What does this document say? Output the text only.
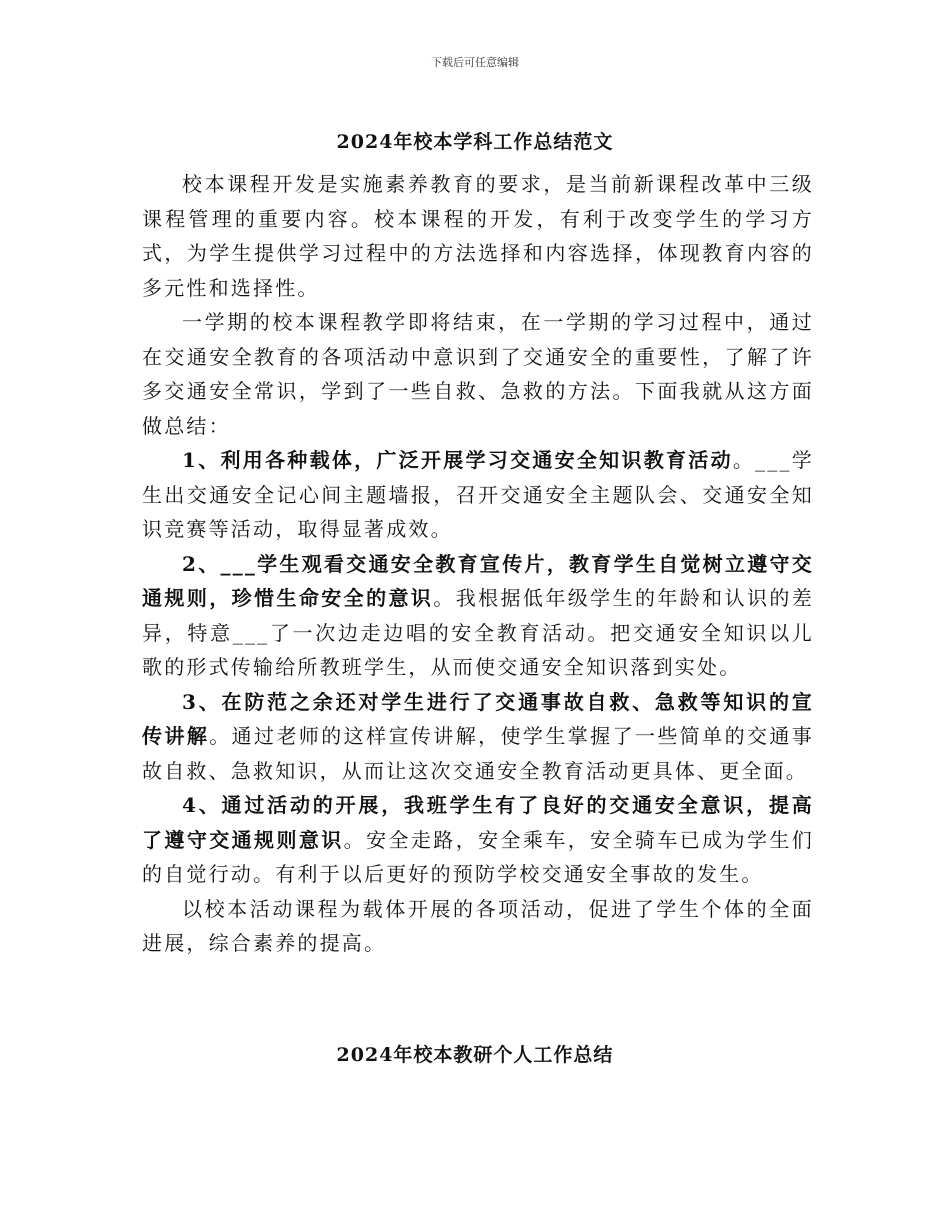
下载后可任意编辑
2024年校本学科工作总结范文

校本课程开发是实施素养教育的要求，是当前新课程改革中三级课程管理的重要内容。校本课程的开发，有利于改变学生的学习方式，为学生提供学习过程中的方法选择和内容选择，体现教育内容的多元性和选择性。

一学期的校本课程教学即将结束，在一学期的学习过程中，通过在交通安全教育的各项活动中意识到了交通安全的重要性，了解了许多交通安全常识，学到了一些自救、急救的方法。下面我就从这方面做总结：

1、利用各种载体，广泛开展学习交通安全知识教育活动。___学生出交通安全记心间主题墙报，召开交通安全主题队会、交通安全知识竞赛等活动，取得显著成效。

2、___学生观看交通安全教育宣传片，教育学生自觉树立遵守交通规则，珍惜生命安全的意识。我根据低年级学生的年龄和认识的差异，特意___了一次边走边唱的安全教育活动。把交通安全知识以儿歌的形式传输给所教班学生，从而使交通安全知识落到实处。

3、在防范之余还对学生进行了交通事故自救、急救等知识的宣传讲解。通过老师的这样宣传讲解，使学生掌握了一些简单的交通事故自救、急救知识，从而让这次交通安全教育活动更具体、更全面。

4、通过活动的开展，我班学生有了良好的交通安全意识，提高了遵守交通规则意识。安全走路，安全乘车，安全骑车已成为学生们的自觉行动。有利于以后更好的预防学校交通安全事故的发生。

以校本活动课程为载体开展的各项活动，促进了学生个体的全面进展，综合素养的提高。

2024年校本教研个人工作总结
